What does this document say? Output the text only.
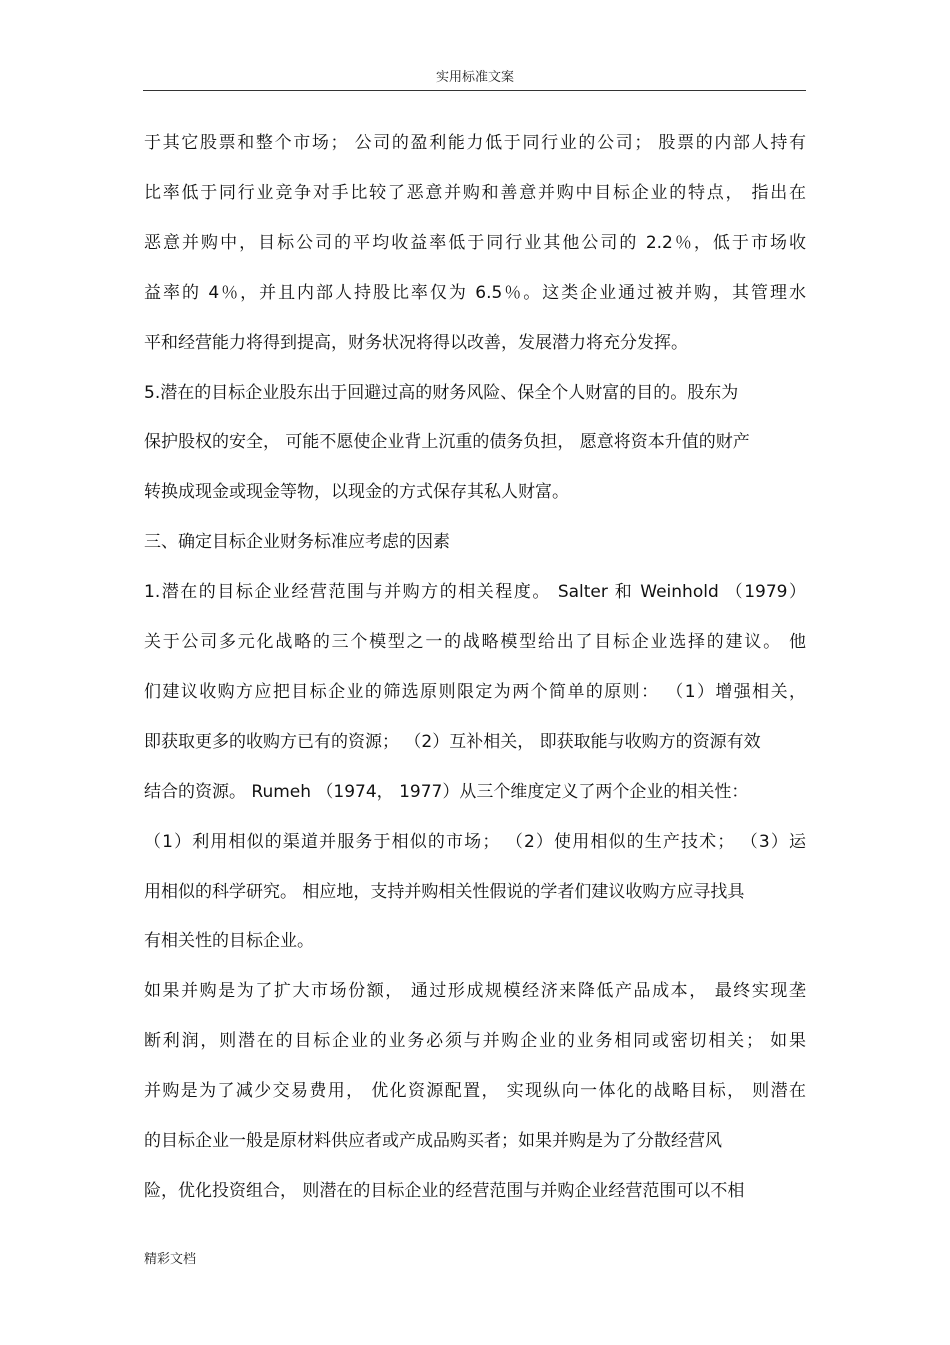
实用标准文案
于其它股票和整个市场； 公司的盈利能力低于同行业的公司； 股票的内部人持有
比率低于同行业竞争对手比较了恶意并购和善意并购中目标企业的特点， 指出在
恶意并购中，目标公司的平均收益率低于同行业其他公司的 2.2％，低于市场收
益率的 4％，并且内部人持股比率仅为 6.5％。这类企业通过被并购，其管理水
平和经营能力将得到提高，财务状况将得以改善，发展潜力将充分发挥。
5.潜在的目标企业股东出于回避过高的财务风险、保全个人财富的目的。股东为
保护股权的安全， 可能不愿使企业背上沉重的债务负担， 愿意将资本升值的财产
转换成现金或现金等物，以现金的方式保存其私人财富。
三、确定目标企业财务标准应考虑的因素
1.潜在的目标企业经营范围与并购方的相关程度。 Salter 和 Weinhold （1979）
关于公司多元化战略的三个模型之一的战略模型给出了目标企业选择的建议。 他
们建议收购方应把目标企业的筛选原则限定为两个简单的原则： （1）增强相关，
即获取更多的收购方已有的资源； （2）互补相关， 即获取能与收购方的资源有效
结合的资源。 Rumeh （1974， 1977）从三个维度定义了两个企业的相关性：
（1）利用相似的渠道并服务于相似的市场； （2）使用相似的生产技术； （3）运
用相似的科学研究。 相应地，支持并购相关性假说的学者们建议收购方应寻找具
有相关性的目标企业。
如果并购是为了扩大市场份额， 通过形成规模经济来降低产品成本， 最终实现垄
断利润，则潜在的目标企业的业务必须与并购企业的业务相同或密切相关； 如果
并购是为了减少交易费用， 优化资源配置， 实现纵向一体化的战略目标， 则潜在
的目标企业一般是原材料供应者或产成品购买者；如果并购是为了分散经营风
险，优化投资组合， 则潜在的目标企业的经营范围与并购企业经营范围可以不相
精彩文档
